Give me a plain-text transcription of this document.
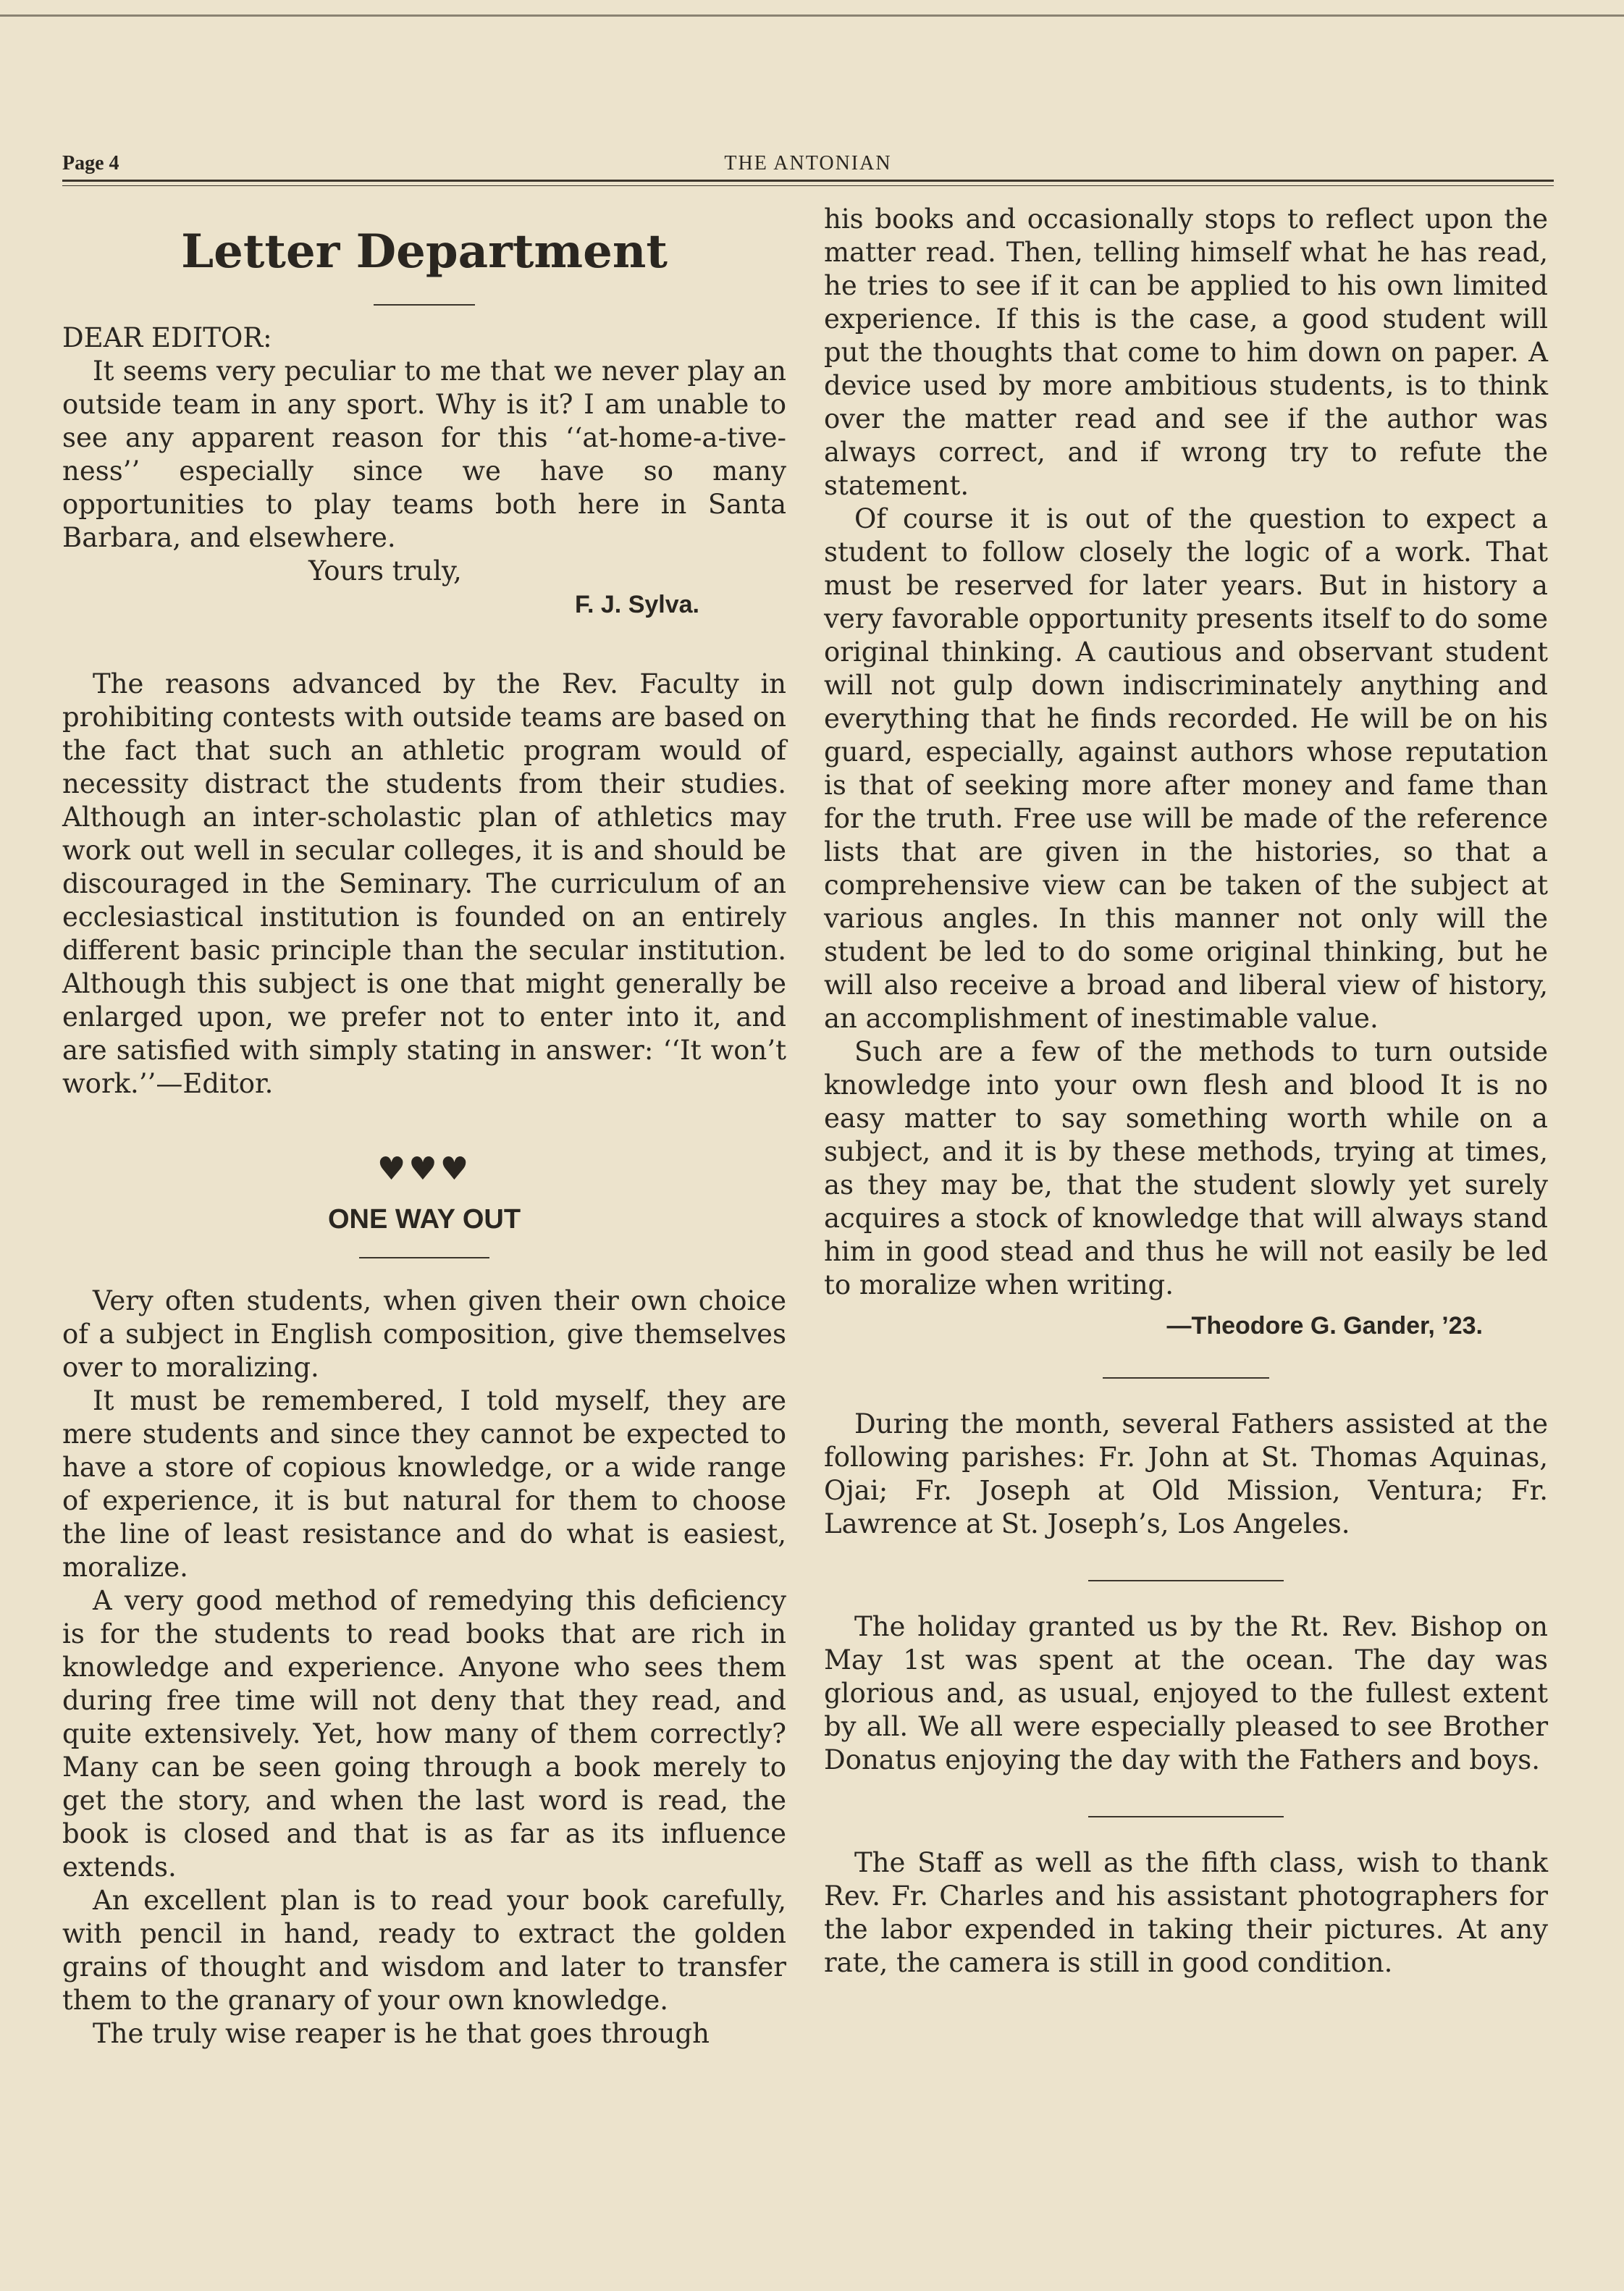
Page 4	THE ANTONIAN
Letter Department

DEAR EDITOR:

It seems very peculiar to me that we never play an outside team in any sport. Why is it? I am unable to see any apparent reason for this ‘‘at-home-a-tive-ness’’ especially since we have so many opportunities to play teams both here in Santa Barbara, and elsewhere.

Yours truly,
F. J. Sylva.

The reasons advanced by the Rev. Faculty in prohibiting contests with outside teams are based on the fact that such an athletic program would of necessity distract the students from their studies. Although an inter-scholastic plan of athletics may work out well in secular colleges, it is and should be discouraged in the Seminary. The curriculum of an ecclesiastical institution is founded on an entirely different basic principle than the secular institution. Although this subject is one that might generally be enlarged upon, we prefer not to enter into it, and are satisfied with simply stating in answer: ‘‘It won’t work.’’—Editor.

♥♥♥
ONE WAY OUT

Very often students, when given their own choice of a subject in English composition, give themselves over to moralizing.

It must be remembered, I told myself, they are mere students and since they cannot be expected to have a store of copious knowledge, or a wide range of experience, it is but natural for them to choose the line of least resistance and do what is easiest, moralize.

A very good method of remedying this deficiency is for the students to read books that are rich in knowledge and experience. Anyone who sees them during free time will not deny that they read, and quite extensively. Yet, how many of them correctly? Many can be seen going through a book merely to get the story, and when the last word is read, the book is closed and that is as far as its influence extends.

An excellent plan is to read your book carefully, with pencil in hand, ready to extract the golden grains of thought and wisdom and later to transfer them to the granary of your own knowledge.

The truly wise reaper is he that goes through

his books and occasionally stops to reflect upon the matter read. Then, telling himself what he has read, he tries to see if it can be applied to his own limited experience. If this is the case, a good student will put the thoughts that come to him down on paper. A device used by more ambitious students, is to think over the matter read and see if the author was always correct, and if wrong try to refute the statement.

Of course it is out of the question to expect a student to follow closely the logic of a work. That must be reserved for later years. But in history a very favorable opportunity presents itself to do some original thinking. A cautious and observant student will not gulp down indiscriminately anything and everything that he finds recorded. He will be on his guard, especially, against authors whose reputation is that of seeking more after money and fame than for the truth. Free use will be made of the reference lists that are given in the histories, so that a comprehensive view can be taken of the subject at various angles. In this manner not only will the student be led to do some original thinking, but he will also receive a broad and liberal view of history, an accomplishment of inestimable value.

Such are a few of the methods to turn outside knowledge into your own flesh and blood It is no easy matter to say something worth while on a subject, and it is by these methods, trying at times, as they may be, that the student slowly yet surely acquires a stock of knowledge that will always stand him in good stead and thus he will not easily be led to moralize when writing.

—Theodore G. Gander, ’23.

During the month, several Fathers assisted at the following parishes: Fr. John at St. Thomas Aquinas, Ojai; Fr. Joseph at Old Mission, Ventura; Fr. Lawrence at St. Joseph’s, Los Angeles.

The holiday granted us by the Rt. Rev. Bishop on May 1st was spent at the ocean. The day was glorious and, as usual, enjoyed to the fullest extent by all. We all were especially pleased to see Brother Donatus enjoying the day with the Fathers and boys.

The Staff as well as the fifth class, wish to thank Rev. Fr. Charles and his assistant photographers for the labor expended in taking their pictures. At any rate, the camera is still in good condition.
